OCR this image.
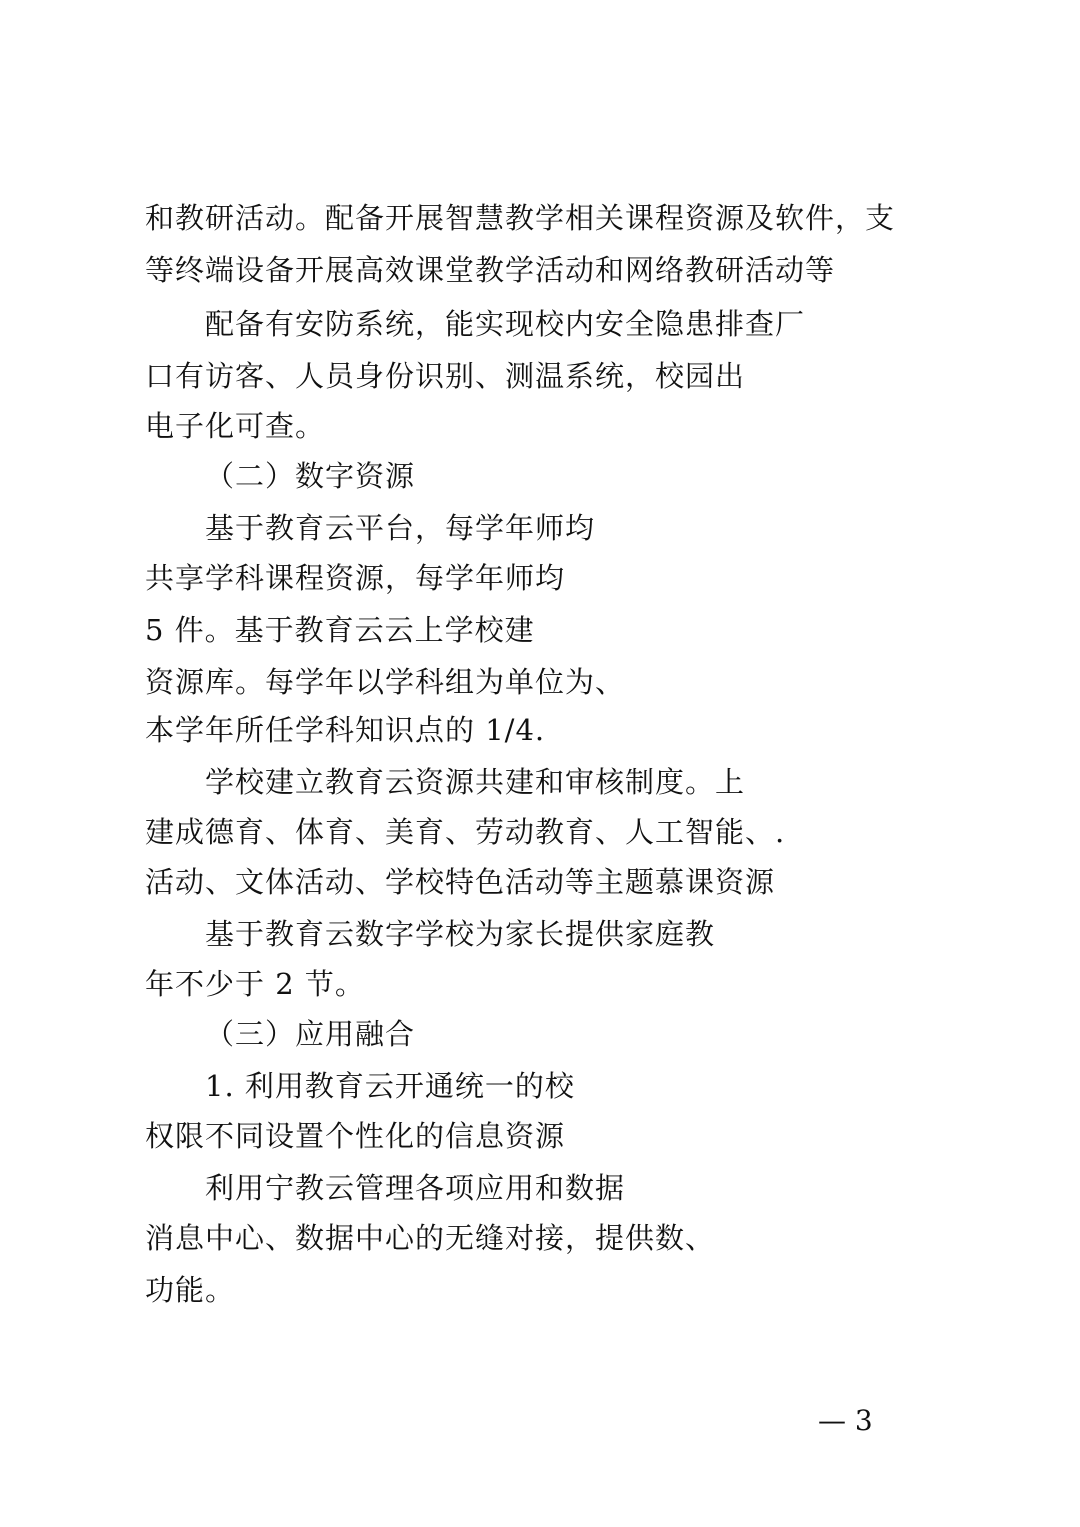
和教研活动。配备开展智慧教学相关课程资源及软件，支
等终端设备开展高效课堂教学活动和网络教研活动等
配备有安防系统，能实现校内安全隐患排查厂
口有访客、人员身份识别、测温系统，校园出
电子化可查。
（二）数字资源
基于教育云平台，每学年师均
共享学科课程资源，每学年师均
5 件。基于教育云云上学校建
资源库。每学年以学科组为单位为、
本学年所任学科知识点的 1/4.
学校建立教育云资源共建和审核制度。上
建成德育、体育、美育、劳动教育、人工智能、.
活动、文体活动、学校特色活动等主题慕课资源
基于教育云数字学校为家长提供家庭教
年不少于 2 节。
（三）应用融合
1. 利用教育云开通统一的校
权限不同设置个性化的信息资源
利用宁教云管理各项应用和数据
消息中心、数据中心的无缝对接，提供数、
功能。
— 3
